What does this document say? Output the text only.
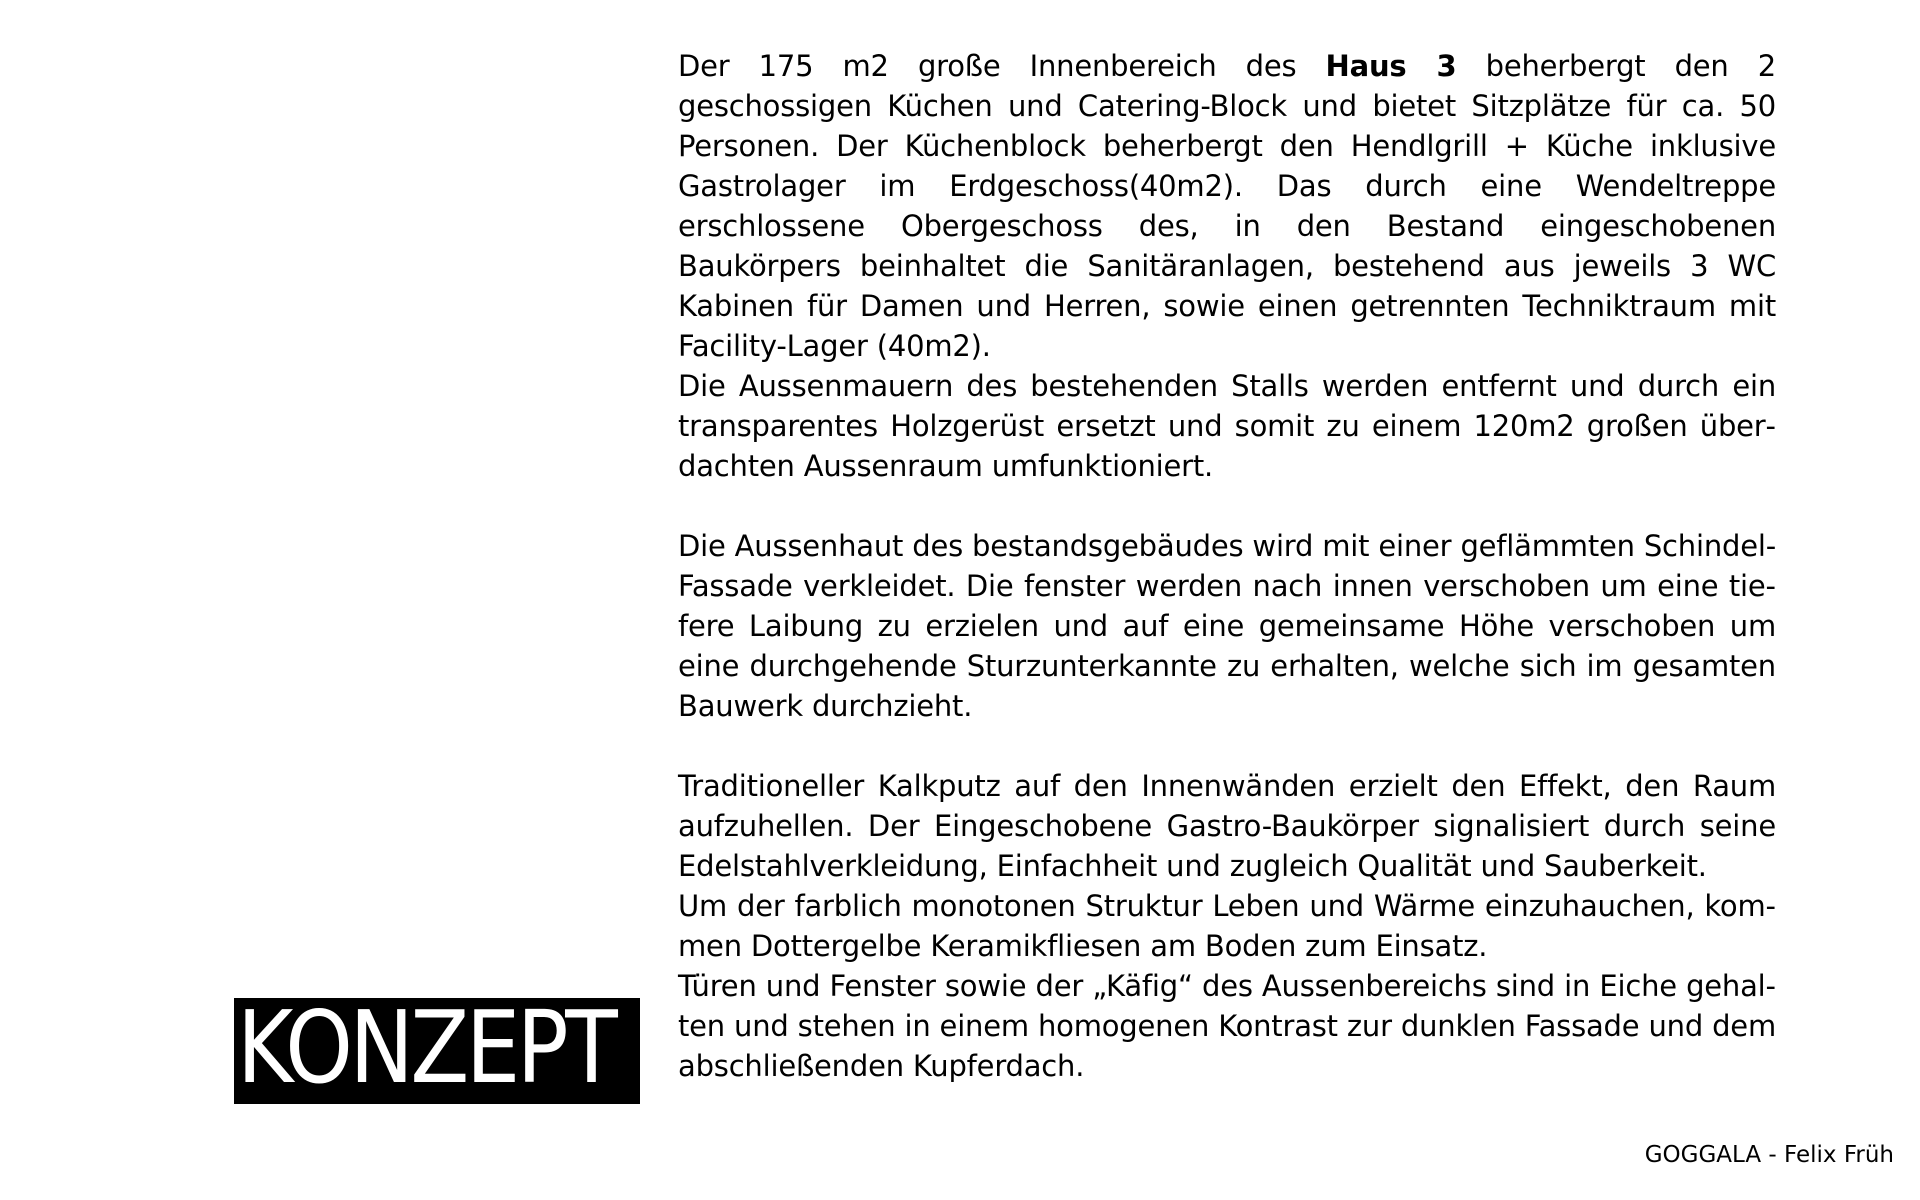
Der 175 m2 große Innenbereich des Haus 3 beherbergt den 2 geschossigen Küchen und Catering-Block und bietet Sitzplätze für ca. 50 Personen. Der Küchenblock beherbergt den Hendlgrill + Küche inklusive Gastrolager im Erdgeschoss(40m2). Das durch eine Wendeltreppe erschlossene Obergeschoss des, in den Bestand eingeschobenen Baukörpers beinhaltet die Sanitäranlagen, bestehend aus jeweils 3 WC Kabinen für Damen und Herren, sowie einen getrennten Techniktraum mit Facility-Lager (40m2).

Die Aussenmauern des bestehenden Stalls werden entfernt und durch ein transparentes Holzgerüst ersetzt und somit zu einem 120m2 großen überdachten Aussenraum umfunktioniert.

Die Aussenhaut des bestandsgebäudes wird mit einer geflämmten Schindel-Fassade verkleidet. Die fenster werden nach innen verschoben um eine tiefere Laibung zu erzielen und auf eine gemeinsame Höhe verschoben um eine durchgehende Sturzunterkannte zu erhalten, welche sich im gesamten Bauwerk durchzieht.

Traditioneller Kalkputz auf den Innenwänden erzielt den Effekt, den Raum aufzuhellen. Der Eingeschobene Gastro-Baukörper signalisiert durch seine Edelstahlverkleidung, Einfachheit und zugleich Qualität und Sauberkeit.

Um der farblich monotonen Struktur Leben und Wärme einzuhauchen, kommen Dottergelbe Keramikfliesen am Boden zum Einsatz.

Türen und Fenster sowie der „Käfig“ des Aussenbereichs sind in Eiche gehalten und stehen in einem homogenen Kontrast zur dunklen Fassade und dem abschließenden Kupferdach.

KONZEPT
GOGGALA - Felix Früh
